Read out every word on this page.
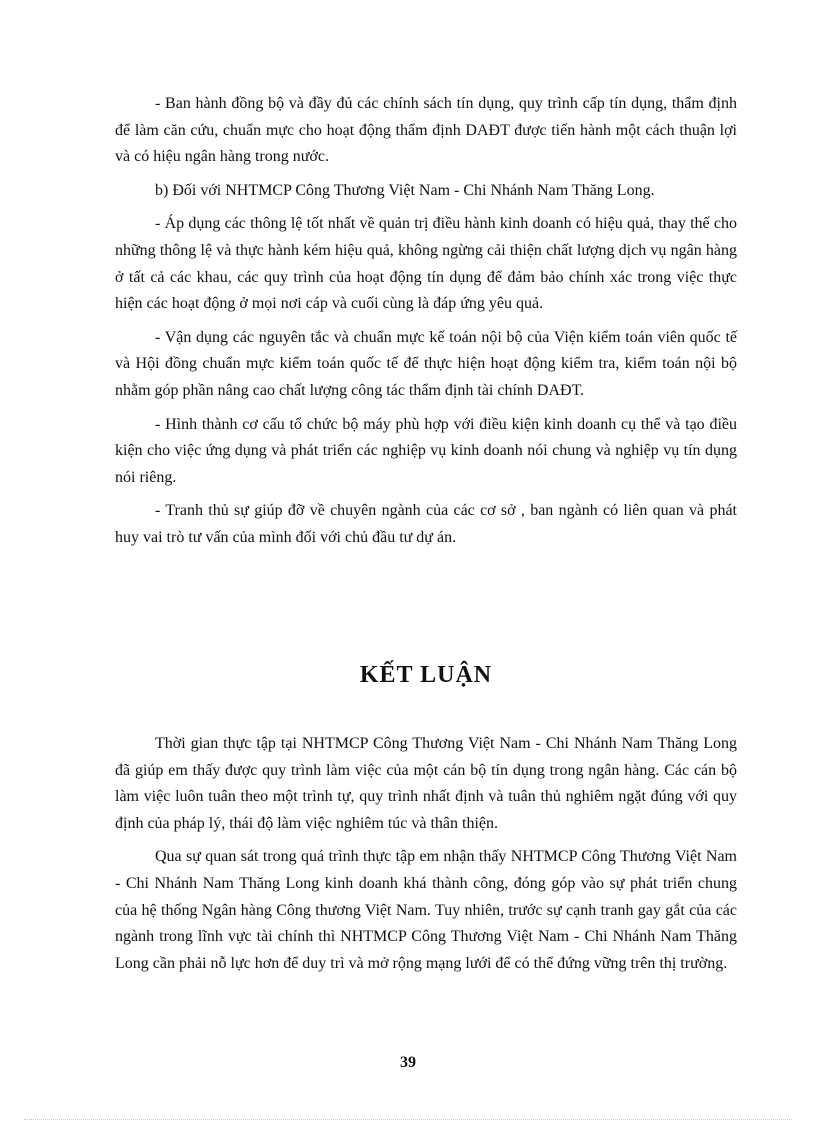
- Ban hành đồng bộ và đầy đủ các chính sách tín dụng, quy trình cấp tín dụng, thẩm định để làm căn cứu, chuẩn mực cho hoạt động thẩm định DAĐT được tiến hành một cách thuận lợi và có hiệu ngân hàng trong nước.

b) Đối với NHTMCP Công Thương Việt Nam - Chi Nhánh Nam Thăng Long.

- Áp dụng các thông lệ tốt nhất về quản trị điều hành kinh doanh có hiệu quả, thay thế cho những thông lệ và thực hành kém hiệu quả, không ngừng cải thiện chất lượng dịch vụ ngân hàng ở tất cả các khau, các quy trình của hoạt động tín dụng để đảm bảo chính xác trong việc thực hiện các hoạt động ở mọi nơi cáp và cuối cùng là đáp ứng yêu quả.

- Vận dụng các nguyên tắc và chuẩn mực kế toán nội bộ của Viện kiểm toán viên quốc tế và Hội đồng chuẩn mực kiểm toán quốc tế để thực hiện hoạt động kiểm tra, kiểm toán nội bộ nhằm góp phần nâng cao chất lượng công tác thẩm định tài chính DAĐT.

- Hình thành cơ cấu tổ chức bộ máy phù hợp với điều kiện kinh doanh cụ thể và tạo điều kiện cho việc ứng dụng và phát triển các nghiệp vụ kinh doanh nói chung và nghiệp vụ tín dụng nói riêng.

- Tranh thủ sự giúp đỡ về chuyên ngành của các cơ sở , ban ngành có liên quan và phát huy vai trò tư vấn của mình đối với chủ đầu tư dự án.

KẾT LUẬN

Thời gian thực tập tại NHTMCP Công Thương Việt Nam - Chi Nhánh Nam Thăng Long đã giúp em thấy được quy trình làm việc của một cán bộ tín dụng trong ngân hàng. Các cán bộ làm việc luôn tuân theo một trình tự, quy trình nhất định và tuân thủ nghiêm ngặt đúng với quy định của pháp lý, thái độ làm việc nghiêm túc và thân thiện.

Qua sự quan sát trong quá trình thực tập em nhận thấy NHTMCP Công Thương Việt Nam - Chi Nhánh Nam Thăng Long kinh doanh khá thành công, đóng góp vào sự phát triển chung của hệ thống Ngân hàng Công thương Việt Nam. Tuy nhiên, trước sự cạnh tranh gay gắt của các ngành trong lĩnh vực tài chính thì NHTMCP Công Thương Việt Nam - Chi Nhánh Nam Thăng Long cần phải nỗ lực hơn để duy trì và mở rộng mạng lưới để có thể đứng vững trên thị trường.

39
